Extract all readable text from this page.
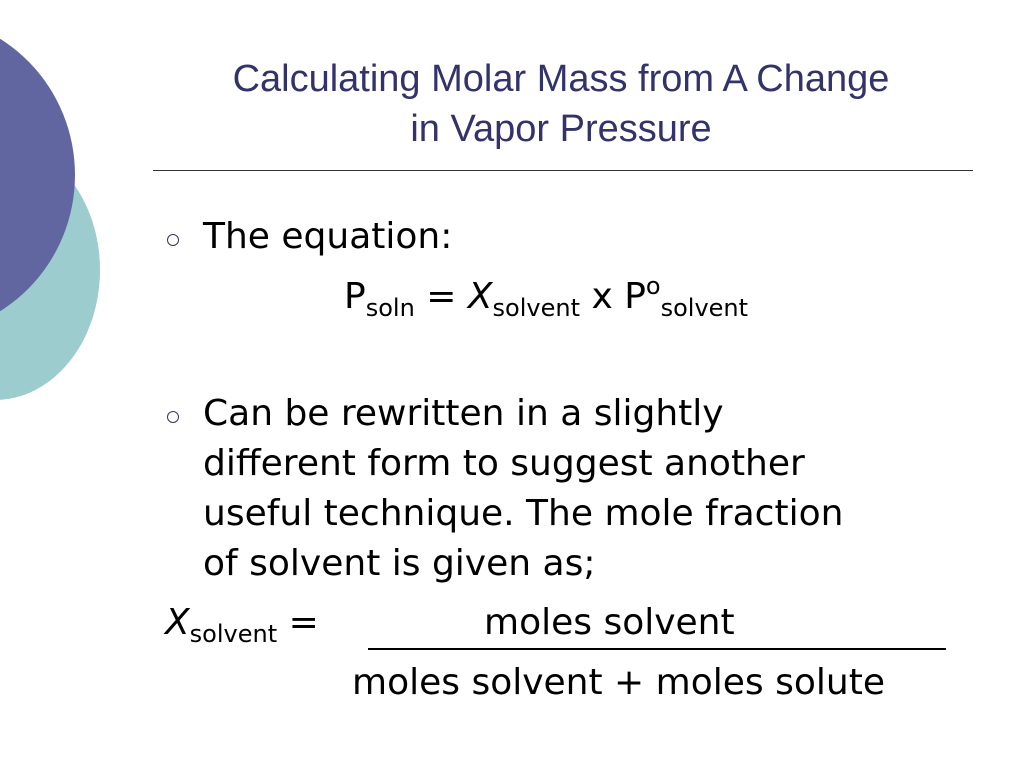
Calculating Molar Mass from A Change
in Vapor Pressure
The equation:
$P_{soln} = X_{solvent}$ x $P^o_{solvent}$
Can be rewritten in a slightly
different form to suggest another
useful technique. The mole fraction
of solvent is given as;
$X_{solvent}$ =	moles solvent
moles solvent + moles solute
